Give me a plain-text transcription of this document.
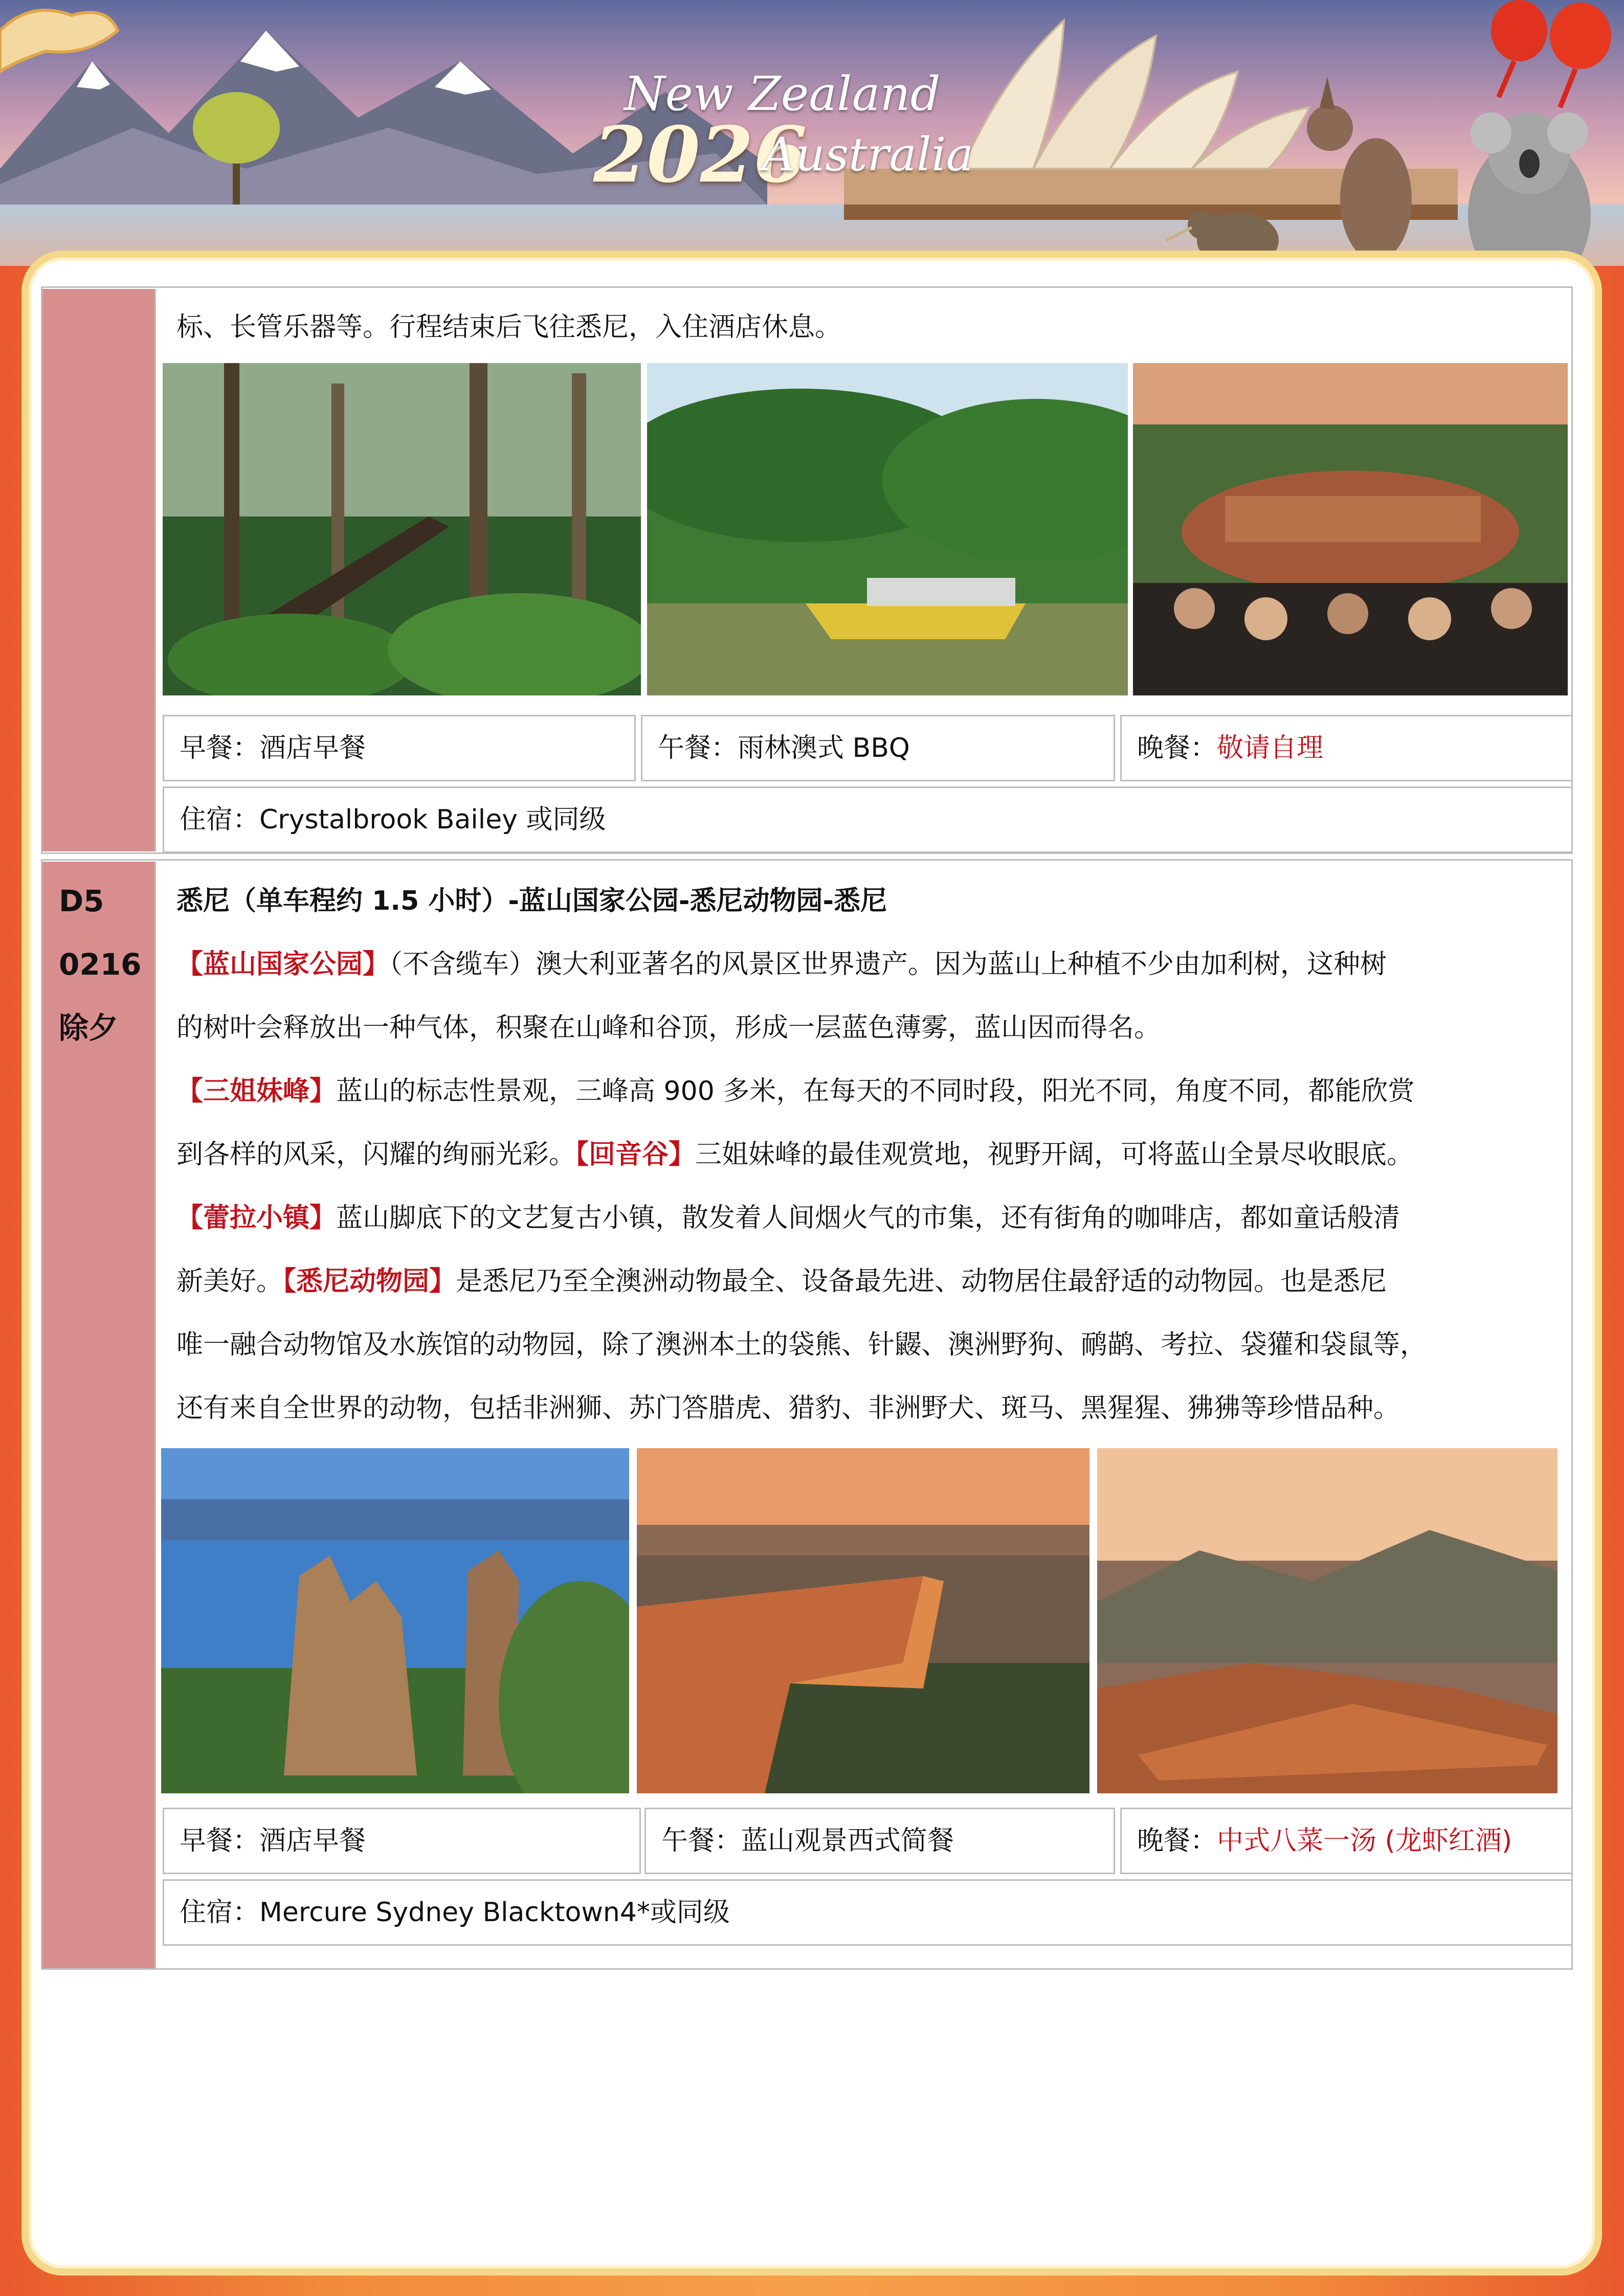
New Zealand
2026
Australia
标、长管乐器等。行程结束后飞往悉尼，入住酒店休息。
早餐：酒店早餐	午餐：雨林澳式 BBQ	晚餐：敬请自理
住宿：Crystalbrook Bailey 或同级
D5
0216
除夕
悉尼（单车程约 1.5 小时）-蓝山国家公园-悉尼动物园-悉尼
【蓝山国家公园】（不含缆车）澳大利亚著名的风景区世界遗产。因为蓝山上种植不少由加利树，这种树
的树叶会释放出一种气体，积聚在山峰和谷顶，形成一层蓝色薄雾，蓝山因而得名。
【三姐妹峰】蓝山的标志性景观，三峰高 900 多米，在每天的不同时段，阳光不同，角度不同，都能欣赏
到各样的风采，闪耀的绚丽光彩。【回音谷】三姐妹峰的最佳观赏地，视野开阔，可将蓝山全景尽收眼底。
【蕾拉小镇】蓝山脚底下的文艺复古小镇，散发着人间烟火气的市集，还有街角的咖啡店，都如童话般清
新美好。【悉尼动物园】是悉尼乃至全澳洲动物最全、设备最先进、动物居住最舒适的动物园。也是悉尼
唯一融合动物馆及水族馆的动物园，除了澳洲本土的袋熊、针鼹、澳洲野狗、鸸鹋、考拉、袋獾和袋鼠等，
还有来自全世界的动物，包括非洲狮、苏门答腊虎、猎豹、非洲野犬、斑马、黑猩猩、狒狒等珍惜品种。
早餐：酒店早餐	午餐：蓝山观景西式简餐	晚餐：中式八菜一汤 (龙虾红酒)
住宿：Mercure Sydney Blacktown4*或同级
